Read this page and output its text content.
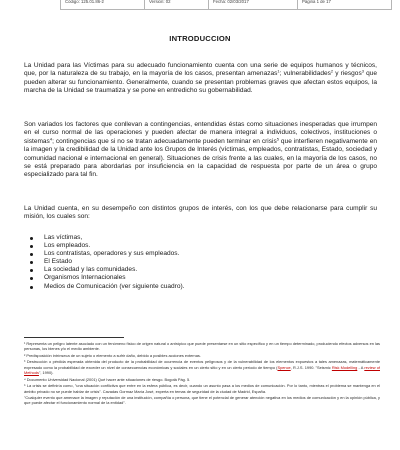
Código: 125.01.86-2	Versión: 02	Fecha: 02/03/2017	Página 1 de 17
INTRODUCCION
La Unidad para las Víctimas para su adecuado funcionamiento cuenta con una serie de equipos humanos y técnicos, que, por la naturaleza de su trabajo, en la mayoría de los casos, presentan amenazas$^1$; vulnerabilidades$^2$ y riesgos$^3$ que pueden alterar su funcionamiento. Generalmente, cuando se presentan problemas graves que afectan estos equipos, la marcha de la Unidad se traumatiza y se pone en entredicho su gobernabilidad.
Son variados los factores que conllevan a contingencias, entendidas éstas como situaciones inesperadas que irrumpen en el curso normal de las operaciones y pueden afectar de manera integral a individuos, colectivos, instituciones o sistemas$^4$; contingencias que si no se tratan adecuadamente pueden terminar en crisis$^5$ que interfieren negativamente en la imagen y la credibilidad de la Unidad ante los Grupos de Interés (víctimas, empleados, contratistas, Estado, sociedad y comunidad nacional e internacional en general). Situaciones de crisis frente a las cuales, en la mayoría de los casos, no se está preparado para abordarlas por insuficiencia en la capacidad de respuesta por parte de un área o grupo especializado para tal fin.
La Unidad cuenta, en su desempeño con distintos grupos de interés, con los que debe relacionarse para cumplir su misión, los cuales son:
Las víctimas,
Los empleados.
Los contratistas, operadores y sus empleados.
El Estado
La sociedad y las comunidades.
Organismos Internacionales
Medios de Comunicación (ver siguiente cuadro).

¹ Representa un peligro latente asociado con un fenómeno físico de origen natural o antrópico que puede presentarse en un sitio específico y en un tiempo determinado, produciendo efectos adversos en las personas, los bienes y/o el medio ambiente.

² Predisposición intrínseca de un sujeto o elemento a sufrir daño, debido a posibles acciones externas.

³ Destrucción o pérdida esperada obtenida del producto de la probabilidad de ocurrencia de eventos peligrosos y de la vulnerabilidad de los elementos expuestos a tales amenazas, matemáticamente expresado como la probabilidad de exceder un nivel de consecuencias económicas y sociales en un cierto sitio y en un cierto período de tiempo (Spence, R.J.S. 1990. "Seismic Risk Modelling - A review of Methods", 1990).

⁴ Documento Universidad Nacional (2001) Qué hacer ante situaciones de riesgo. Bogotá Pág. 5.

⁵ La crisis se definiría como, "una situación conflictiva que entre en la esfera pública, es decir, cuando un asunto pasa a los medios de comunicación. Por lo tanto, mientras el problema se mantenga en el ámbito privado no se puede hablar de crisis". Cavadas Gormaz María José, experta en temas de seguridad de la ciudad de Madrid, España.

"Cualquier evento que amenace la imagen y reputación de una institución, compañía o persona, que tiene el potencial de generar atención negativa en los medios de comunicación y en la opinión pública, y que puede afectar el funcionamiento normal de la entidad".
